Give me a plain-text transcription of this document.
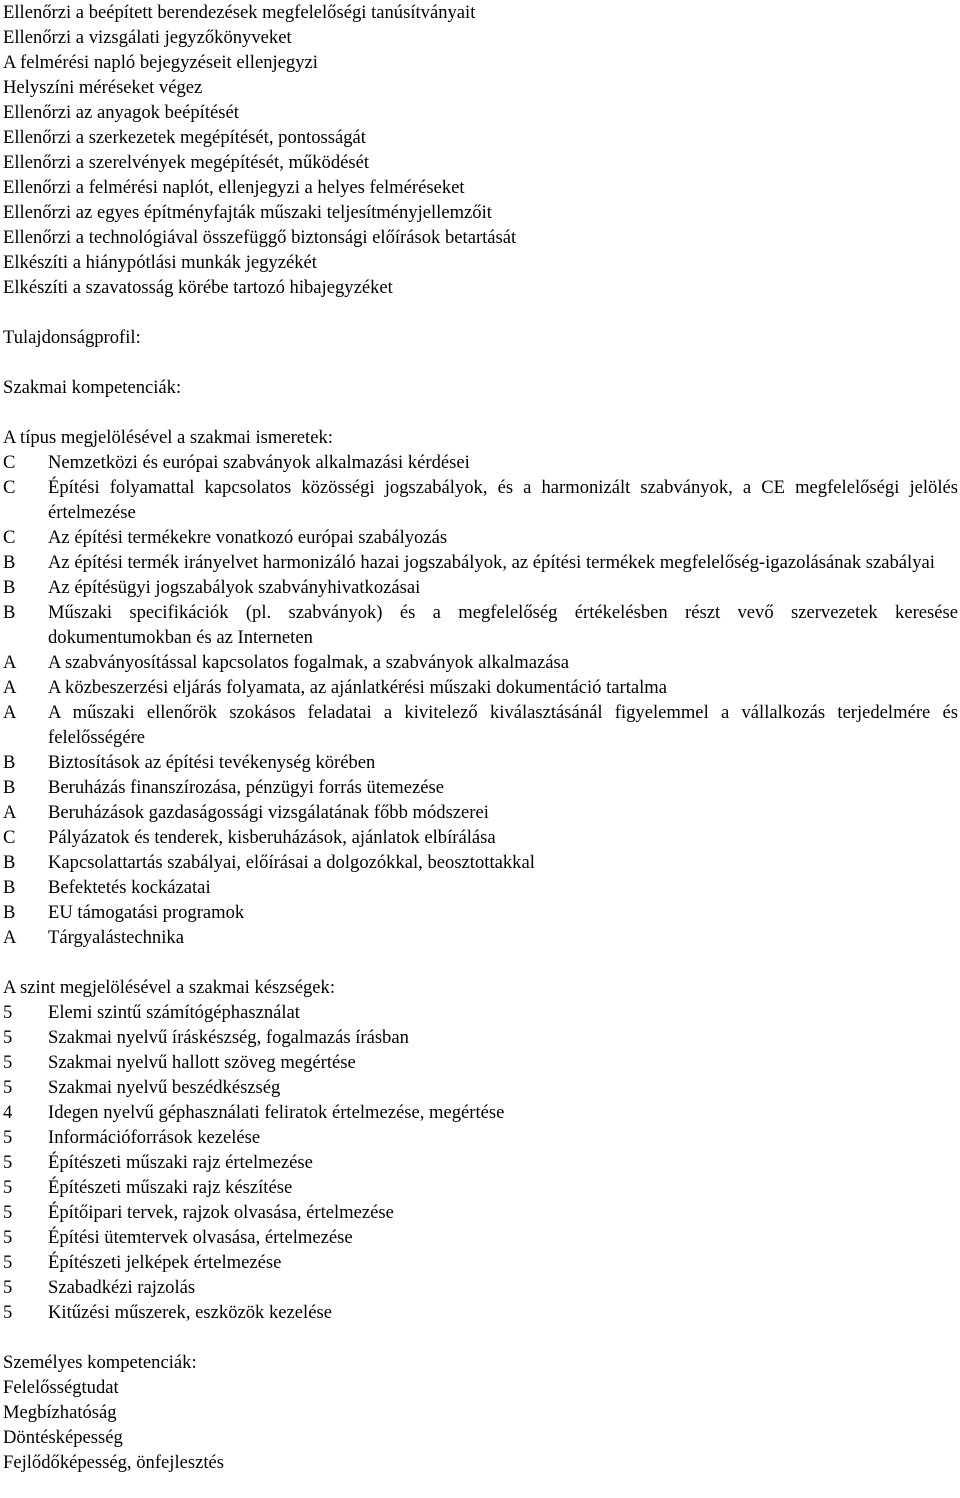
Ellenőrzi a beépített berendezések megfelelőségi tanúsítványait
Ellenőrzi a vizsgálati jegyzőkönyveket
A felmérési napló bejegyzéseit ellenjegyzi
Helyszíni méréseket végez
Ellenőrzi az anyagok beépítését
Ellenőrzi a szerkezetek megépítését, pontosságát
Ellenőrzi a szerelvények megépítését, működését
Ellenőrzi a felmérési naplót, ellenjegyzi a helyes felméréseket
Ellenőrzi az egyes építményfajták műszaki teljesítményjellemzőit
Ellenőrzi a technológiával összefüggő biztonsági előírások betartását
Elkészíti a hiánypótlási munkák jegyzékét
Elkészíti a szavatosság körébe tartozó hibajegyzéket
Tulajdonságprofil:
Szakmai kompetenciák:
A típus megjelölésével a szakmai ismeretek:
C	Nemzetközi és európai szabványok alkalmazási kérdései
C	Építési folyamattal kapcsolatos közösségi jogszabályok, és a harmonizált szabványok, a CE megfelelőségi jelölés értelmezése
C	Az építési termékekre vonatkozó európai szabályozás
B	Az építési termék irányelvet harmonizáló hazai jogszabályok, az építési termékek megfelelőség-igazolásának szabályai
B	Az építésügyi jogszabályok szabványhivatkozásai
B	Műszaki specifikációk (pl. szabványok) és a megfelelőség értékelésben részt vevő szervezetek keresése dokumentumokban és az Interneten
A	A szabványosítással kapcsolatos fogalmak, a szabványok alkalmazása
A	A közbeszerzési eljárás folyamata, az ajánlatkérési műszaki dokumentáció tartalma
A	A műszaki ellenőrök szokásos feladatai a kivitelező kiválasztásánál figyelemmel a vállalkozás terjedelmére és felelősségére
B	Biztosítások az építési tevékenység körében
B	Beruházás finanszírozása, pénzügyi forrás ütemezése
A	Beruházások gazdaságossági vizsgálatának főbb módszerei
C	Pályázatok és tenderek, kisberuházások, ajánlatok elbírálása
B	Kapcsolattartás szabályai, előírásai a dolgozókkal, beosztottakkal
B	Befektetés kockázatai
B	EU támogatási programok
A	Tárgyalástechnika
A szint megjelölésével a szakmai készségek:
5	Elemi szintű számítógéphasználat
5	Szakmai nyelvű íráskészség, fogalmazás írásban
5	Szakmai nyelvű hallott szöveg megértése
5	Szakmai nyelvű beszédkészség
4	Idegen nyelvű géphasználati feliratok értelmezése, megértése
5	Információforrások kezelése
5	Építészeti műszaki rajz értelmezése
5	Építészeti műszaki rajz készítése
5	Építőipari tervek, rajzok olvasása, értelmezése
5	Építési ütemtervek olvasása, értelmezése
5	Építészeti jelképek értelmezése
5	Szabadkézi rajzolás
5	Kitűzési műszerek, eszközök kezelése
Személyes kompetenciák:
Felelősségtudat
Megbízhatóság
Döntésképesség
Fejlődőképesség, önfejlesztés
